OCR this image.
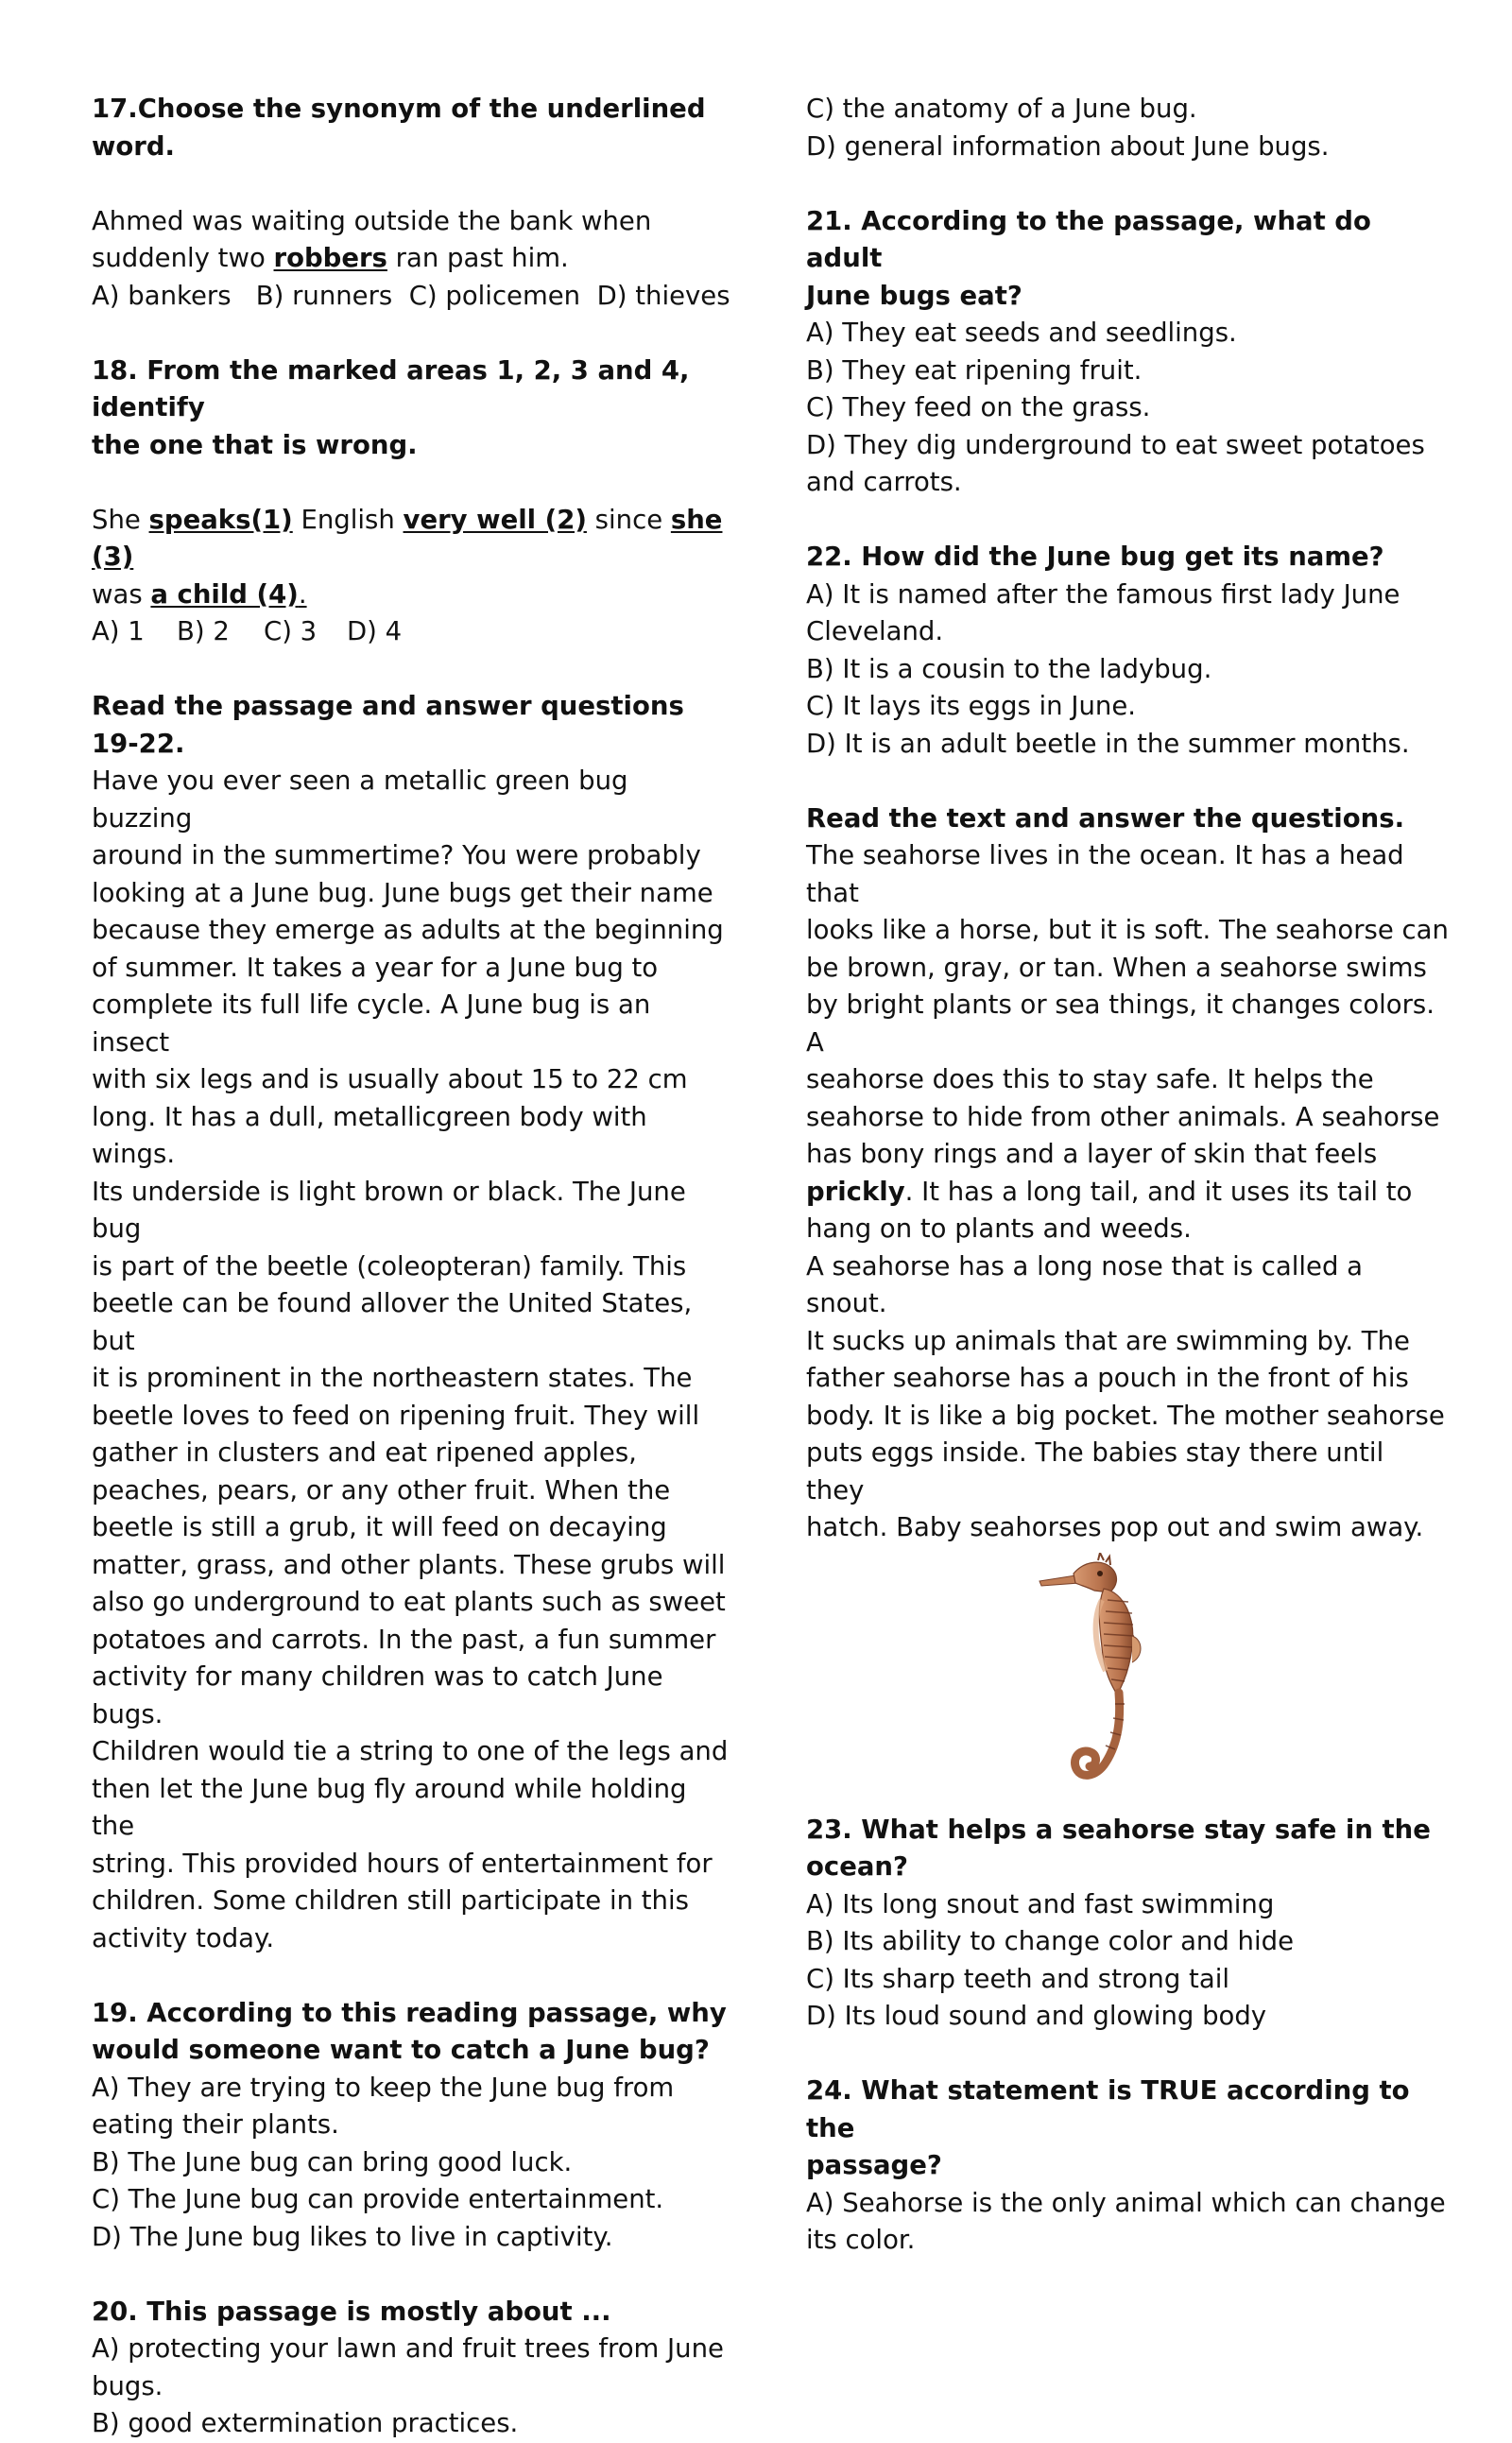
17.Choose the synonym of the underlined word.

Ahmed was waiting outside the bank when

suddenly two robbers ran past him.

A) bankers   B) runners  C) policemen  D) thieves

18. From the marked areas 1, 2, 3 and 4, identify

the one that is wrong.

She speaks(1) English very well (2) since she (3)

was a child (4).

A) 1 B) 2 C) 3 D) 4

Read the passage and answer questions 19-22.

Have you ever seen a metallic green bug buzzing

around in the summertime? You were probably

looking at a June bug. June bugs get their name

because they emerge as adults at the beginning

of summer. It takes a year for a June bug to

complete its full life cycle. A June bug is an insect

with six legs and is usually about 15 to 22 cm

long. It has a dull, metallicgreen body with wings.

Its underside is light brown or black. The June bug

is part of the beetle (coleopteran) family. This

beetle can be found allover the United States, but

it is prominent in the northeastern states. The

beetle loves to feed on ripening fruit. They will

gather in clusters and eat ripened apples,

peaches, pears, or any other fruit. When the

beetle is still a grub, it will feed on decaying

matter, grass, and other plants. These grubs will

also go underground to eat plants such as sweet

potatoes and carrots. In the past, a fun summer

activity for many children was to catch June bugs.

Children would tie a string to one of the legs and

then let the June bug fly around while holding the

string. This provided hours of entertainment for

children. Some children still participate in this

activity today.

19. According to this reading passage, why

would someone want to catch a June bug?

A) They are trying to keep the June bug from

eating their plants.

B) The June bug can bring good luck.

C) The June bug can provide entertainment.

D) The June bug likes to live in captivity.

20. This passage is mostly about ...

A) protecting your lawn and fruit trees from June

bugs.

B) good extermination practices.

C) the anatomy of a June bug.

D) general information about June bugs.

21. According to the passage, what do adult

June bugs eat?

A) They eat seeds and seedlings.

B) They eat ripening fruit.

C) They feed on the grass.

D) They dig underground to eat sweet potatoes

and carrots.

22. How did the June bug get its name?

A) It is named after the famous first lady June

Cleveland.

B) It is a cousin to the ladybug.

C) It lays its eggs in June.

D) It is an adult beetle in the summer months.

Read the text and answer the questions.

The seahorse lives in the ocean. It has a head that

looks like a horse, but it is soft. The seahorse can

be brown, gray, or tan. When a seahorse swims

by bright plants or sea things, it changes colors. A

seahorse does this to stay safe. It helps the

seahorse to hide from other animals. A seahorse

has bony rings and a layer of skin that feels

prickly. It has a long tail, and it uses its tail to

hang on to plants and weeds.

A seahorse has a long nose that is called a snout.

It sucks up animals that are swimming by. The

father seahorse has a pouch in the front of his

body. It is like a big pocket. The mother seahorse

puts eggs inside. The babies stay there until they

hatch. Baby seahorses pop out and swim away.

23. What helps a seahorse stay safe in the

ocean?

A) Its long snout and fast swimming

B) Its ability to change color and hide

C) Its sharp teeth and strong tail

D) Its loud sound and glowing body

24. What statement is TRUE according to the

passage?

A) Seahorse is the only animal which can change

its color.
